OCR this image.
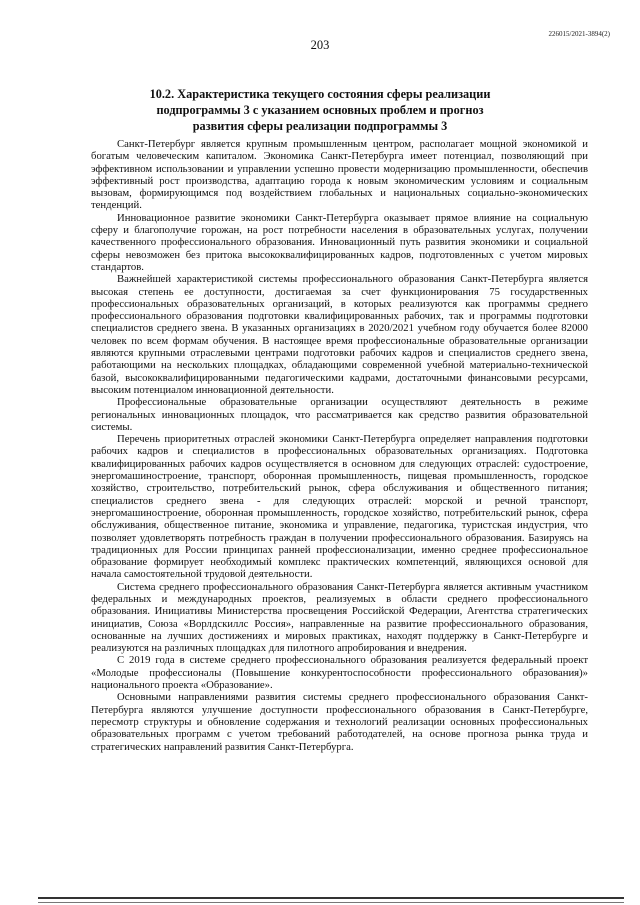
226015/2021-3894(2)
203
10.2. Характеристика текущего состояния сферы реализации
подпрограммы 3 с указанием основных проблем и прогноз
развития сферы реализации подпрограммы 3

Санкт-Петербург является крупным промышленным центром, располагает мощной экономикой и богатым человеческим капиталом. Экономика Санкт-Петербурга имеет потенциал, позволяющий при эффективном использовании и управлении успешно провести модернизацию промышленности, обеспечив эффективный рост производства, адаптацию города к новым экономическим условиям и социальным вызовам, формирующимся под воздействием глобальных и национальных социально-экономических тенденций.

Инновационное развитие экономики Санкт-Петербурга оказывает прямое влияние на социальную сферу и благополучие горожан, на рост потребности населения в образовательных услугах, получении качественного профессионального образования. Инновационный путь развития экономики и социальной сферы невозможен без притока высококвалифицированных кадров, подготовленных с учетом мировых стандартов.

Важнейшей характеристикой системы профессионального образования Санкт-Петербурга является высокая степень ее доступности, достигаемая за счет функционирования 75 государственных профессиональных образовательных организаций, в которых реализуются как программы среднего профессионального образования подготовки квалифицированных рабочих, так и программы подготовки специалистов среднего звена. В указанных организациях в 2020/2021 учебном году обучается более 82000 человек по всем формам обучения. В настоящее время профессиональные образовательные организации являются крупными отраслевыми центрами подготовки рабочих кадров и специалистов среднего звена, работающими на нескольких площадках, обладающими современной учебной материально-технической базой, высококвалифицированными педагогическими кадрами, достаточными финансовыми ресурсами, высоким потенциалом инновационной деятельности.

Профессиональные образовательные организации осуществляют деятельность в режиме региональных инновационных площадок, что рассматривается как средство развития образовательной системы.

Перечень приоритетных отраслей экономики Санкт-Петербурга определяет направления подготовки рабочих кадров и специалистов в профессиональных образовательных организациях. Подготовка квалифицированных рабочих кадров осуществляется в основном для следующих отраслей: судостроение, энергомашиностроение, транспорт, оборонная промышленность, пищевая промышленность, городское хозяйство, строительство, потребительский рынок, сфера обслуживания и общественного питания; специалистов среднего звена - для следующих отраслей: морской и речной транспорт, энергомашиностроение, оборонная промышленность, городское хозяйство, потребительский рынок, сфера обслуживания, общественное питание, экономика и управление, педагогика, туристская индустрия, что позволяет удовлетворять потребность граждан в получении профессионального образования. Базируясь на традиционных для России принципах ранней профессионализации, именно среднее профессиональное образование формирует необходимый комплекс практических компетенций, являющихся основой для начала самостоятельной трудовой деятельности.

Система среднего профессионального образования Санкт-Петербурга является активным участником федеральных и международных проектов, реализуемых в области среднего профессионального образования. Инициативы Министерства просвещения Российской Федерации, Агентства стратегических инициатив, Союза «Ворлдскиллс Россия», направленные на развитие профессионального образования, основанные на лучших достижениях и мировых практиках, находят поддержку в Санкт-Петербурге и реализуются на различных площадках для пилотного апробирования и внедрения.

С 2019 года в системе среднего профессионального образования реализуется федеральный проект «Молодые профессионалы (Повышение конкурентоспособности профессионального образования)» национального проекта «Образование».

Основными направлениями развития системы среднего профессионального образования Санкт-Петербурга являются улучшение доступности профессионального образования в Санкт-Петербурге, пересмотр структуры и обновление содержания и технологий реализации основных профессиональных образовательных программ с учетом требований работодателей, на основе прогноза рынка труда и стратегических направлений развития Санкт-Петербурга.
